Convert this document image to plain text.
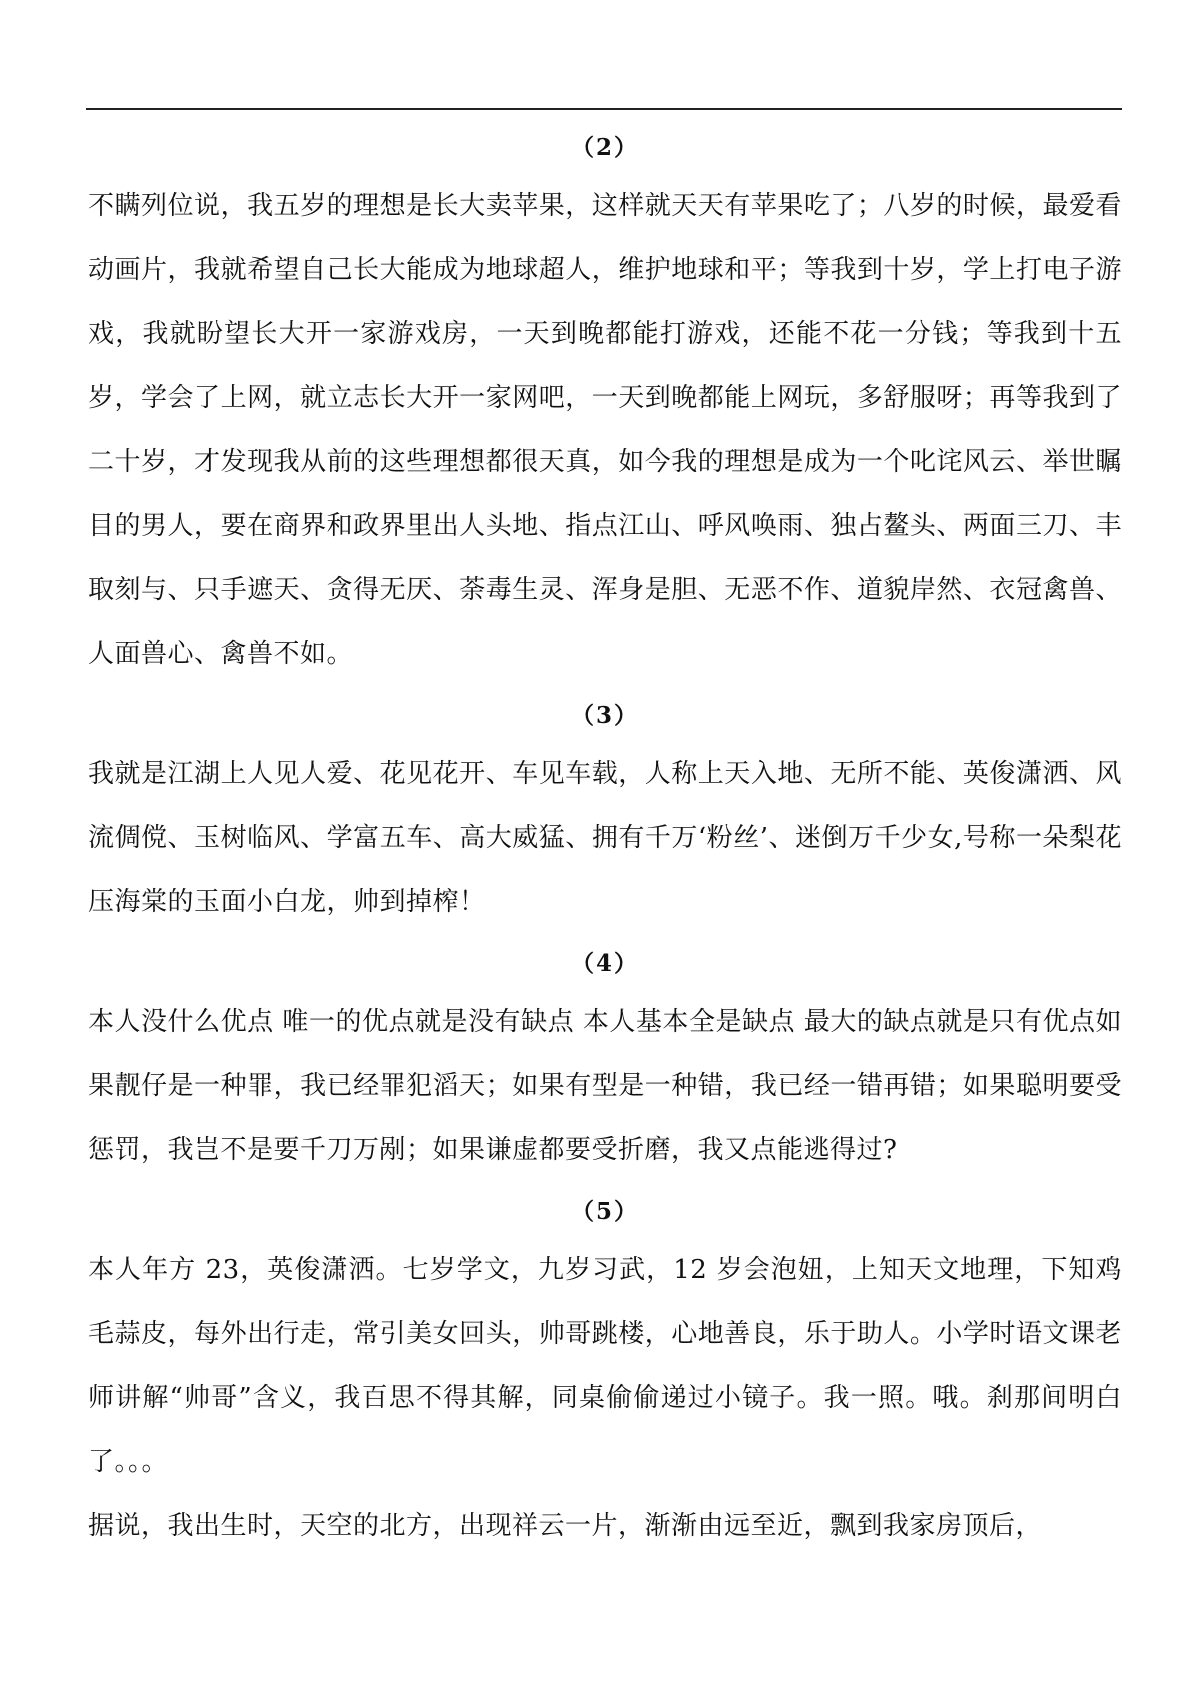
（2）

不瞒列位说，我五岁的理想是长大卖苹果，这样就天天有苹果吃了；八岁的时候，最爱看动画片，我就希望自己长大能成为地球超人，维护地球和平；等我到十岁，学上打电子游戏，我就盼望长大开一家游戏房，一天到晚都能打游戏，还能不花一分钱；等我到十五岁，学会了上网，就立志长大开一家网吧，一天到晚都能上网玩，多舒服呀；再等我到了二十岁，才发现我从前的这些理想都很天真，如今我的理想是成为一个叱诧风云、举世瞩目的男人，要在商界和政界里出人头地、指点江山、呼风唤雨、独占鳌头、两面三刀、丰取刻与、只手遮天、贪得无厌、荼毒生灵、浑身是胆、无恶不作、道貌岸然、衣冠禽兽、人面兽心、禽兽不如。

（3）

我就是江湖上人见人爱、花见花开、车见车载，人称上天入地、无所不能、英俊潇洒、风流倜傥、玉树临风、学富五车、高大威猛、拥有千万‘粉丝’、迷倒万千少女,号称一朵梨花压海棠的玉面小白龙，帅到掉榨！

（4）

本人没什么优点 唯一的优点就是没有缺点 本人基本全是缺点 最大的缺点就是只有优点如果靓仔是一种罪，我已经罪犯滔天；如果有型是一种错，我已经一错再错；如果聪明要受惩罚，我岂不是要千刀万剐；如果谦虚都要受折磨，我又点能逃得过?

（5）

本人年方 23，英俊潇洒。七岁学文，九岁习武，12 岁会泡妞，上知天文地理，下知鸡毛蒜皮，每外出行走，常引美女回头，帅哥跳楼，心地善良，乐于助人。小学时语文课老师讲解“帅哥”含义，我百思不得其解，同桌偷偷递过小镜子。我一照。哦。刹那间明白了。。。

据说，我出生时，天空的北方，出现祥云一片，渐渐由远至近，飘到我家房顶后，
